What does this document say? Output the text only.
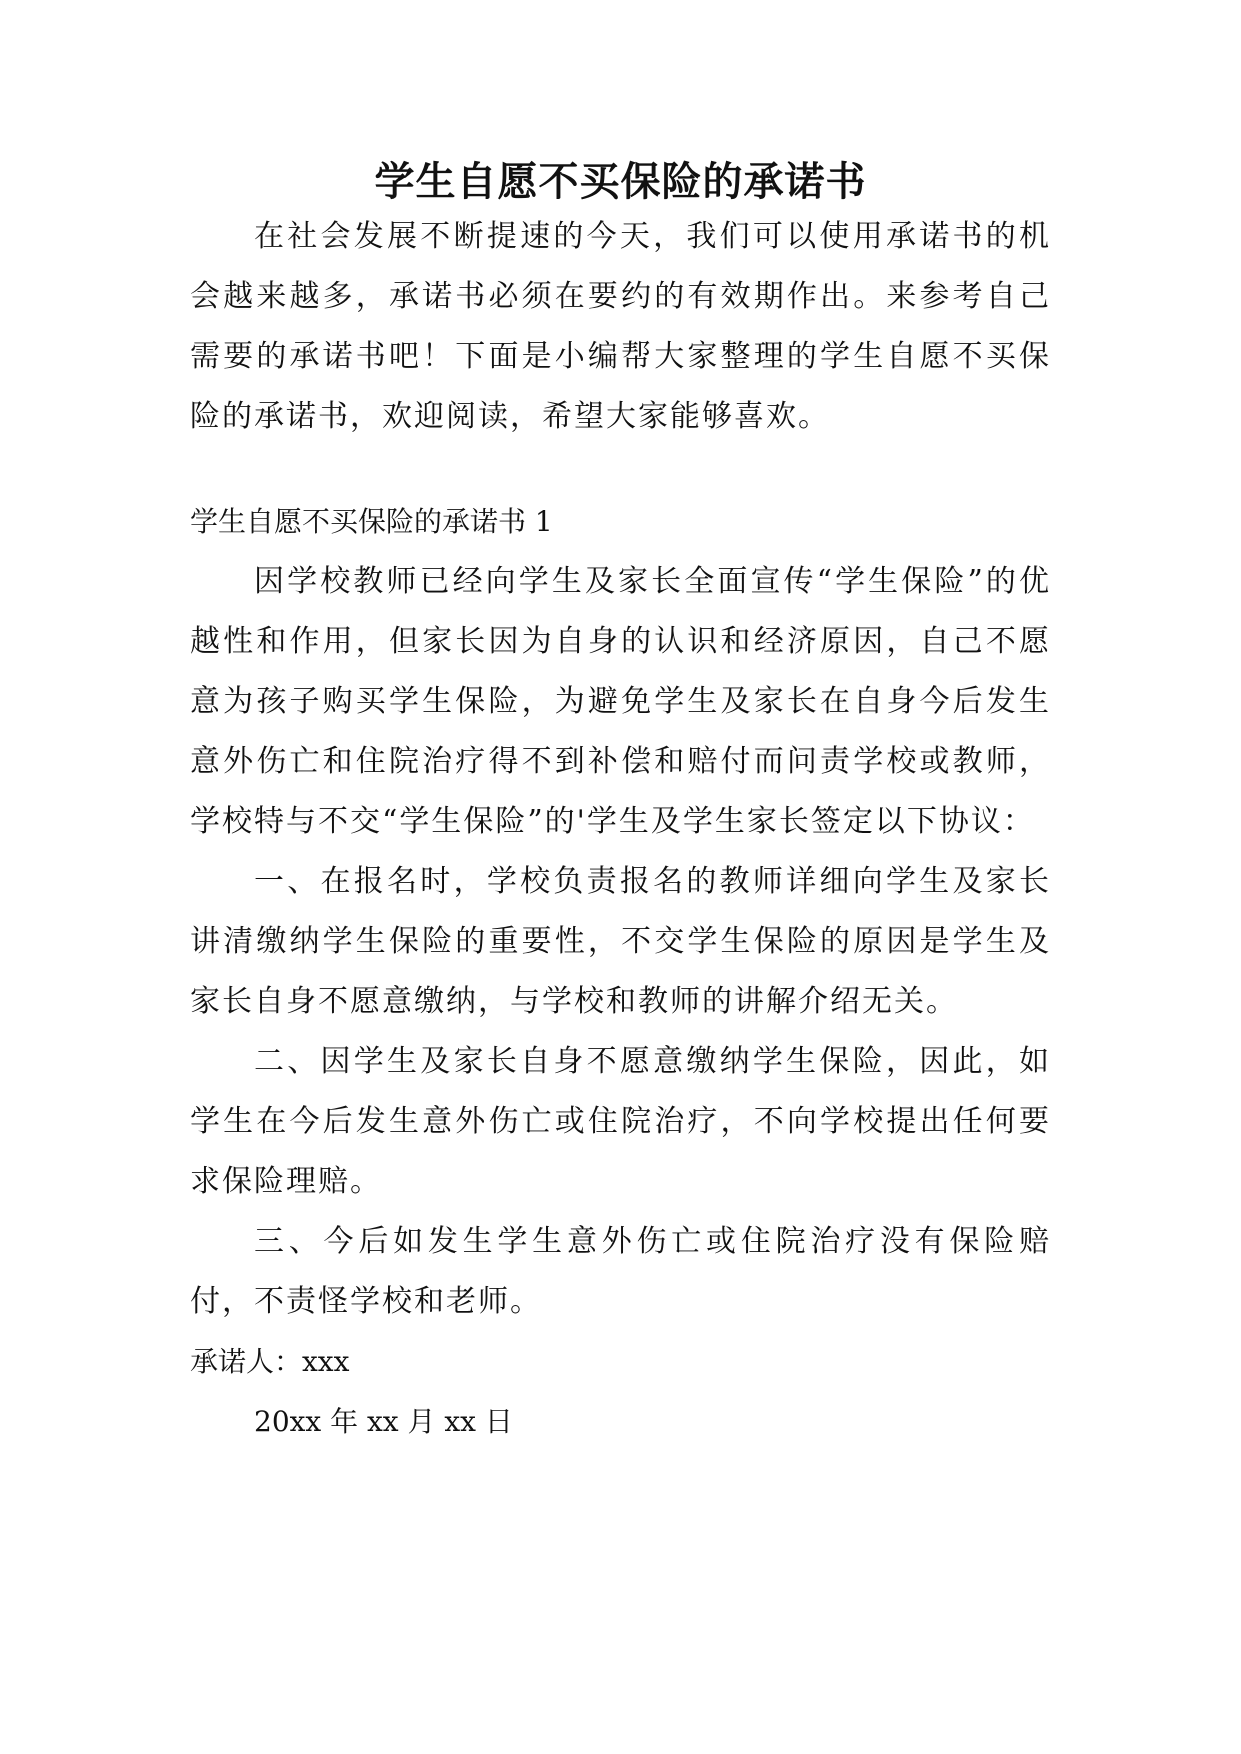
学生自愿不买保险的承诺书

在社会发展不断提速的今天，我们可以使用承诺书的机会越来越多，承诺书必须在要约的有效期作出。来参考自己需要的承诺书吧！下面是小编帮大家整理的学生自愿不买保险的承诺书，欢迎阅读，希望大家能够喜欢。

学生自愿不买保险的承诺书 1

因学校教师已经向学生及家长全面宣传“学生保险”的优越性和作用，但家长因为自身的认识和经济原因，自己不愿意为孩子购买学生保险，为避免学生及家长在自身今后发生意外伤亡和住院治疗得不到补偿和赔付而问责学校或教师，学校特与不交“学生保险”的'学生及学生家长签定以下协议：

一、在报名时，学校负责报名的教师详细向学生及家长讲清缴纳学生保险的重要性，不交学生保险的原因是学生及家长自身不愿意缴纳，与学校和教师的讲解介绍无关。

二、因学生及家长自身不愿意缴纳学生保险，因此，如学生在今后发生意外伤亡或住院治疗，不向学校提出任何要求保险理赔。

三、今后如发生学生意外伤亡或住院治疗没有保险赔付，不责怪学校和老师。

承诺人：xxx

20xx 年 xx 月 xx 日
